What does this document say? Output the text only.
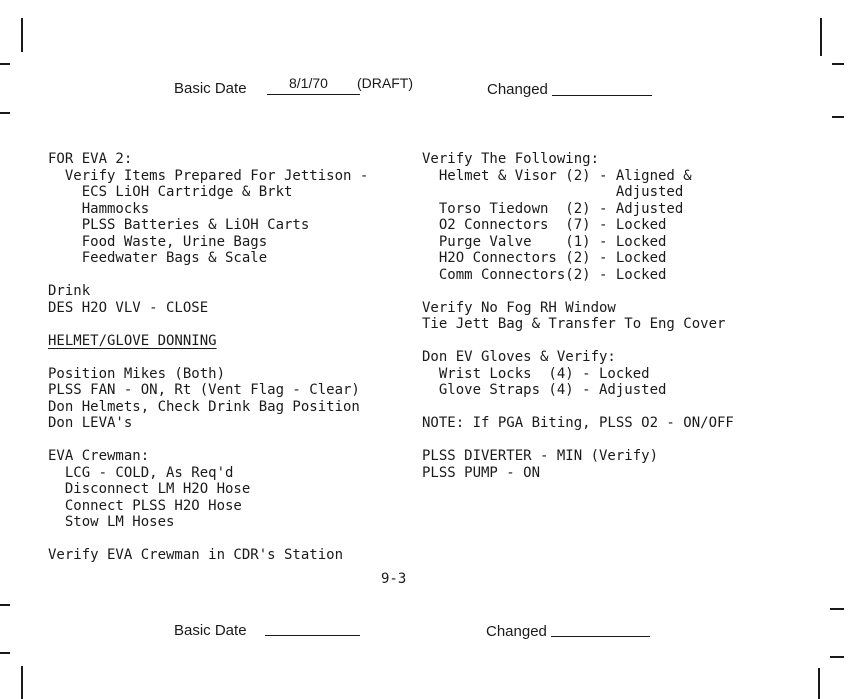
Basic Date	8/1/70 (DRAFT)	Changed
FOR EVA 2:
Verify Items Prepared For Jettison -
ECS LiOH Cartridge & Brkt
Hammocks
PLSS Batteries & LiOH Carts
Food Waste, Urine Bags
Feedwater Bags & Scale

Drink
DES H2O VLV - CLOSE

HELMET/GLOVE DONNING

Position Mikes (Both)
PLSS FAN - ON, Rt (Vent Flag - Clear)
Don Helmets, Check Drink Bag Position
Don LEVA's

EVA Crewman:
LCG - COLD, As Req'd
Disconnect LM H2O Hose
Connect PLSS H2O Hose
Stow LM Hoses

Verify EVA Crewman in CDR's Station
Verify The Following:
Helmet & Visor (2) - Aligned &
Adjusted
Torso Tiedown  (2) - Adjusted
O2 Connectors  (7) - Locked
Purge Valve    (1) - Locked
H2O Connectors (2) - Locked
Comm Connectors(2) - Locked

Verify No Fog RH Window
Tie Jett Bag & Transfer To Eng Cover

Don EV Gloves & Verify:
Wrist Locks  (4) - Locked
Glove Straps (4) - Adjusted

NOTE: If PGA Biting, PLSS O2 - ON/OFF

PLSS DIVERTER - MIN (Verify)
PLSS PUMP - ON
9-3
Basic Date	Changed
